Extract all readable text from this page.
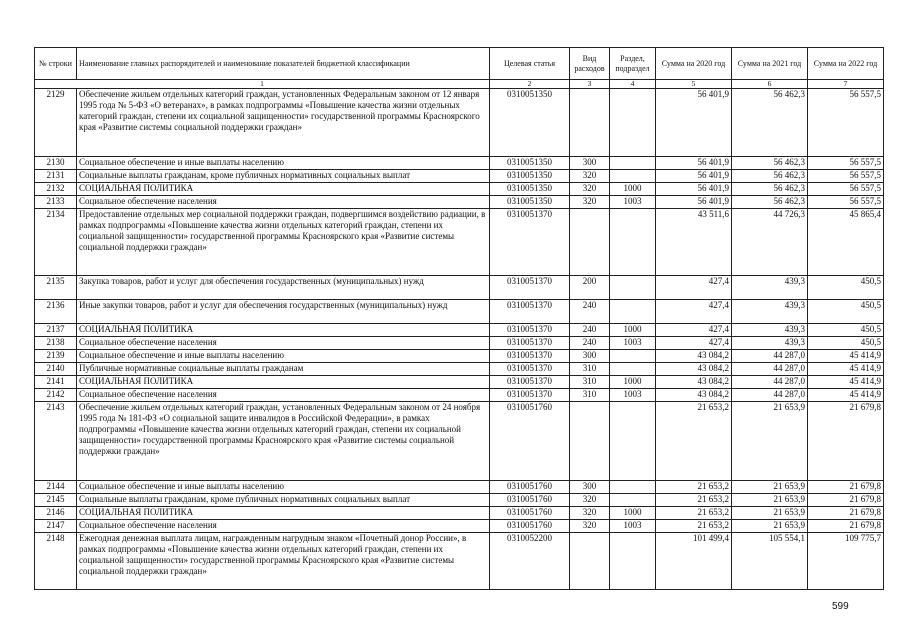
№ строки	Наименование главных распорядителей и наименование показателей бюджетной классификации	Целевая статья	Вид расходов	Раздел, подраздел	Сумма на 2020 год	Сумма на 2021 год	Сумма на 2022 год
1		2	3	4	5	6	7
2129	Обеспечение жильем отдельных категорий граждан, установленных Федеральным законом от 12 января 1995 года № 5-ФЗ «О ветеранах», в рамках подпрограммы «Повышение качества жизни отдельных категорий граждан, степени их социальной защищенности» государственной программы Красноярского края «Развитие системы социальной поддержки граждан»	0310051350			56 401,9	56 462,3	56 557,5
2130	Социальное обеспечение и иные выплаты населению	0310051350	300		56 401,9	56 462,3	56 557,5
2131	Социальные выплаты гражданам, кроме публичных нормативных социальных выплат	0310051350	320		56 401,9	56 462,3	56 557,5
2132	СОЦИАЛЬНАЯ ПОЛИТИКА	0310051350	320	1000	56 401,9	56 462,3	56 557,5
2133	Социальное обеспечение населения	0310051350	320	1003	56 401,9	56 462,3	56 557,5
2134	Предоставление отдельных мер социальной поддержки граждан, подвергшимся воздействию радиации, в рамках подпрограммы «Повышение качества жизни отдельных категорий граждан, степени их социальной защищенности» государственной программы Красноярского края «Развитие системы социальной поддержки граждан»	0310051370			43 511,6	44 726,3	45 865,4
2135	Закупка товаров, работ и услуг для обеспечения государственных (муниципальных) нужд	0310051370	200		427,4	439,3	450,5
2136	Иные закупки товаров, работ и услуг для обеспечения государственных (муниципальных) нужд	0310051370	240		427,4	439,3	450,5
2137	СОЦИАЛЬНАЯ ПОЛИТИКА	0310051370	240	1000	427,4	439,3	450,5
2138	Социальное обеспечение населения	0310051370	240	1003	427,4	439,3	450,5
2139	Социальное обеспечение и иные выплаты населению	0310051370	300		43 084,2	44 287,0	45 414,9
2140	Публичные нормативные социальные выплаты гражданам	0310051370	310		43 084,2	44 287,0	45 414,9
2141	СОЦИАЛЬНАЯ ПОЛИТИКА	0310051370	310	1000	43 084,2	44 287,0	45 414,9
2142	Социальное обеспечение населения	0310051370	310	1003	43 084,2	44 287,0	45 414,9
2143	Обеспечение жильем отдельных категорий граждан, установленных Федеральным законом от 24 ноября 1995 года № 181-ФЗ «О социальной защите инвалидов в Российской Федерации», в рамках подпрограммы «Повышение качества жизни отдельных категорий граждан, степени их социальной защищенности» государственной программы Красноярского края «Развитие системы социальной поддержки граждан»	0310051760			21 653,2	21 653,9	21 679,8
2144	Социальное обеспечение и иные выплаты населению	0310051760	300		21 653,2	21 653,9	21 679,8
2145	Социальные выплаты гражданам, кроме публичных нормативных социальных выплат	0310051760	320		21 653,2	21 653,9	21 679,8
2146	СОЦИАЛЬНАЯ ПОЛИТИКА	0310051760	320	1000	21 653,2	21 653,9	21 679,8
2147	Социальное обеспечение населения	0310051760	320	1003	21 653,2	21 653,9	21 679,8
2148	Ежегодная денежная выплата лицам, награжденным нагрудным знаком «Почетный донор России», в рамках подпрограммы «Повышение качества жизни отдельных категорий граждан, степени их социальной защищенности» государственной программы Красноярского края «Развитие системы социальной поддержки граждан»	0310052200			101 499,4	105 554,1	109 775,7
599
